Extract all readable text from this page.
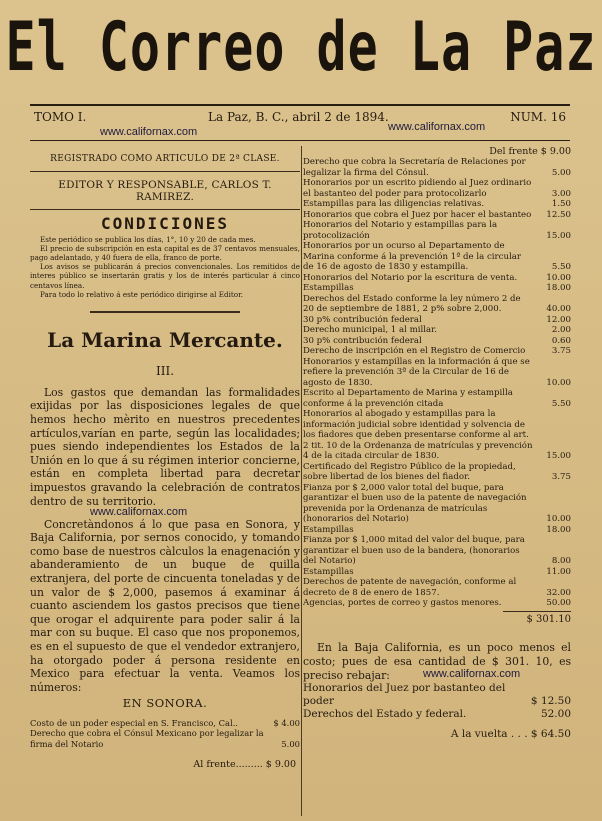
El Correo de La Paz
TOMO I.	La Paz, B. C., abril 2 de 1894.	NUM. 16
www.californax.com	www.californax.com
REGISTRADO COMO ARTICULO DE 2ª CLASE.
EDITOR Y RESPONSABLE, CARLOS T. RAMIREZ.
CONDICIONES
Este periódico se publica los días, 1°, 10 y 20 de cada mes.
El precio de subscripción en esta capital es de 37 centavos mensuales, pago adelantado, y 40 fuera de ella, franco de porte.
Los avisos se publicarán á precios convencionales. Los remitidos de interes público se insertarán gratis y los de interés particular á cinco centavos línea.
Para todo lo relativo á este periódico dirigirse al Editor.
La Marina Mercante.
III.
Los gastos que demandan las formalidades exijidas por las disposiciones legales de que hemos hecho mèrito en nuestros precedentes artículos,varían en parte, según las localidades; pues siendo independientes los Estados de la Unión en lo que á su régimen interior concierne, están en completa libertad para decretar impuestos gravando la celebración de contratos dentro de su territorio.
www.californax.com
Concretàndonos á lo que pasa en Sonora, y Baja California, por sernos conocido, y tomando como base de nuestros càlculos la enagenación y abanderamiento de un buque de quilla extranjera, del porte de cincuenta toneladas y de un valor de $ 2,000, pasemos á examinar á cuanto asciendem los gastos precisos que tiene que orogar el adquirente para poder salir á la mar con su buque. El caso que nos proponemos, es en el supuesto de que el vendedor extranjero, ha otorgado poder á persona residente en Mexico para efectuar la venta. Veamos los números:
EN SONORA.
Costo de un poder especial en S. Francisco, Cal..	$ 4.00
Derecho que cobra el Cónsul Mexicano por legalizar la firma del Notario	5.00
Al frente......... $ 9.00
Del frente $ 9.00
Derecho que cobra la Secretaría de Relaciones por legalizar la firma del Cónsul.	5.00
Honorarios por un escrito pidiendo al Juez ordinario el bastanteo del poder para protocolizarlo	3.00
Estampillas para las diligencias relativas.	1.50
Honorarios que cobra el Juez por hacer el bastanteo 12.50
Honorarios del Notario y estampillas para la protocolización	15.00
Honorarios por un ocurso al Departamento de Marina conforme á la prevención 1ª de la circular de 16 de agosto de 1830 y estampilla.	5.50
Honorarios del Notario por la escritura de venta.	10.00
Estampillas	18.00
Derechos del Estado conforme la ley número 2 de 20 de septiembre de 1881, 2 p% sobre 2,000.	40.00
30 p% contribución federal	12.00
Derecho municipal, 1 al millar.	2.00
30 p% contribución federal	0.60
Derecho de inscripción en el Registro de Comercio	3.75
Honorarios y estampillas en la información á que se refiere la prevención 3ª de la Circular de 16 de agosto de 1830.	10.00
Escrito al Departamento de Marina y estampilla conforme á la prevención citada	5.50
Honorarios al abogado y estampillas para la información judicial sobre identidad y solvencia de los fiadores que deben presentarse conforme al art. 2 tit. 10 de la Ordenanza de matrículas y prevención 4 de la citada circular de 1830.	15.00
Certificado del Registro Público de la propiedad, sobre libertad de los bienes del fiador.	3.75
Fianza por $ 2,000 valor total del buque, para garantizar el buen uso de la patente de navegación prevenida por la Ordenanza de matrículas (honorarios del Notario)	10.00
Estampillas	18.00
Fianza por $ 1,000 mitad del valor del buque, para garantizar el buen uso de la bandera, (honorarios del Notario)	8.00
Estampillas	11.00
Derechos de patente de navegación, conforme al decreto de 8 de enero de 1857.	32.00
Agencias, portes de correo y gastos menores.	50.00
$ 301.10
En la Baja California, es un poco menos el costo; pues de esa cantidad de $ 301. 10, es preciso rebajar:	www.californax.com
Honorarios del Juez por bastanteo del poder	$ 12.50
Derechos del Estado y federal.	52.00
A la vuelta . . . $ 64.50
